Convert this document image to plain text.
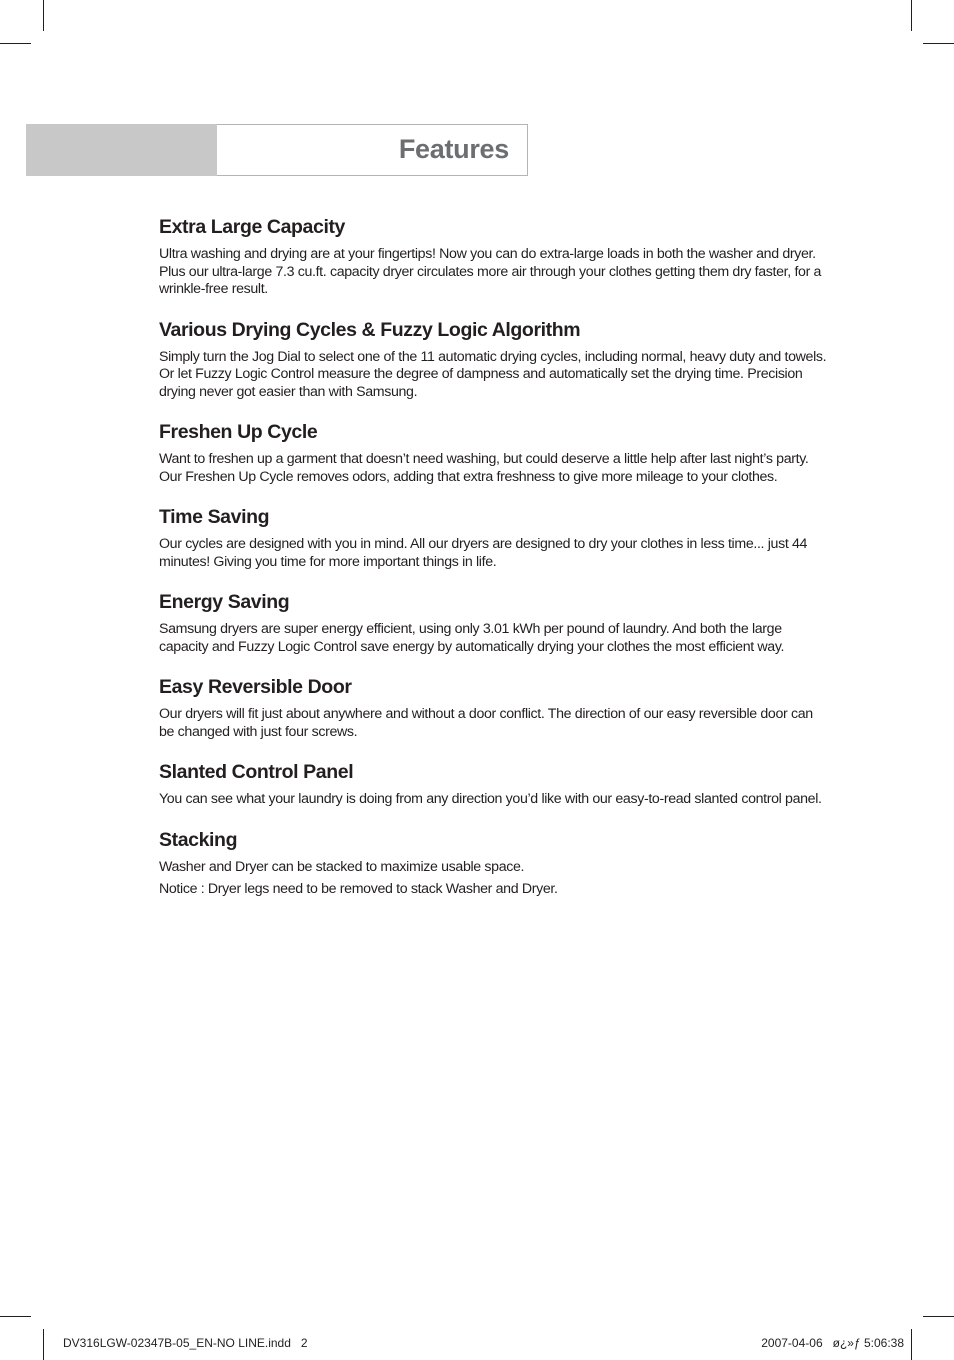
Features
Extra Large Capacity

Ultra washing and drying are at your fingertips! Now you can do extra-large loads in both the washer and dryer. Plus our ultra-large 7.3 cu.ft. capacity dryer circulates more air through your clothes getting them dry faster, for a wrinkle-free result.

Various Drying Cycles & Fuzzy Logic Algorithm

Simply turn the Jog Dial to select one of the 11 automatic drying cycles, including normal, heavy duty and towels. Or let Fuzzy Logic Control measure the degree of dampness and automatically set the drying time. Precision drying never got easier than with Samsung.

Freshen Up Cycle

Want to freshen up a garment that doesn’t need washing, but could deserve a little help after last night’s party. Our Freshen Up Cycle removes odors, adding that extra freshness to give more mileage to your clothes.

Time Saving

Our cycles are designed with you in mind. All our dryers are designed to dry your clothes in less time... just 44 minutes! Giving you time for more important things in life.

Energy Saving

Samsung dryers are super energy efficient, using only 3.01 kWh per pound of laundry. And both the large capacity and Fuzzy Logic Control save energy by automatically drying your clothes the most efficient way.

Easy Reversible Door

Our dryers will fit just about anywhere and without a door conflict. The direction of our easy reversible door can be changed with just four screws.

Slanted Control Panel

You can see what your laundry is doing from any direction you’d like with our easy-to-read slanted control panel.

Stacking

Washer and Dryer can be stacked to maximize usable space.

Notice : Dryer legs need to be removed to stack Washer and Dryer.

DV316LGW-02347B-05_EN-NO LINE.indd   2	2007-04-06   ø¿»ƒ 5:06:38
